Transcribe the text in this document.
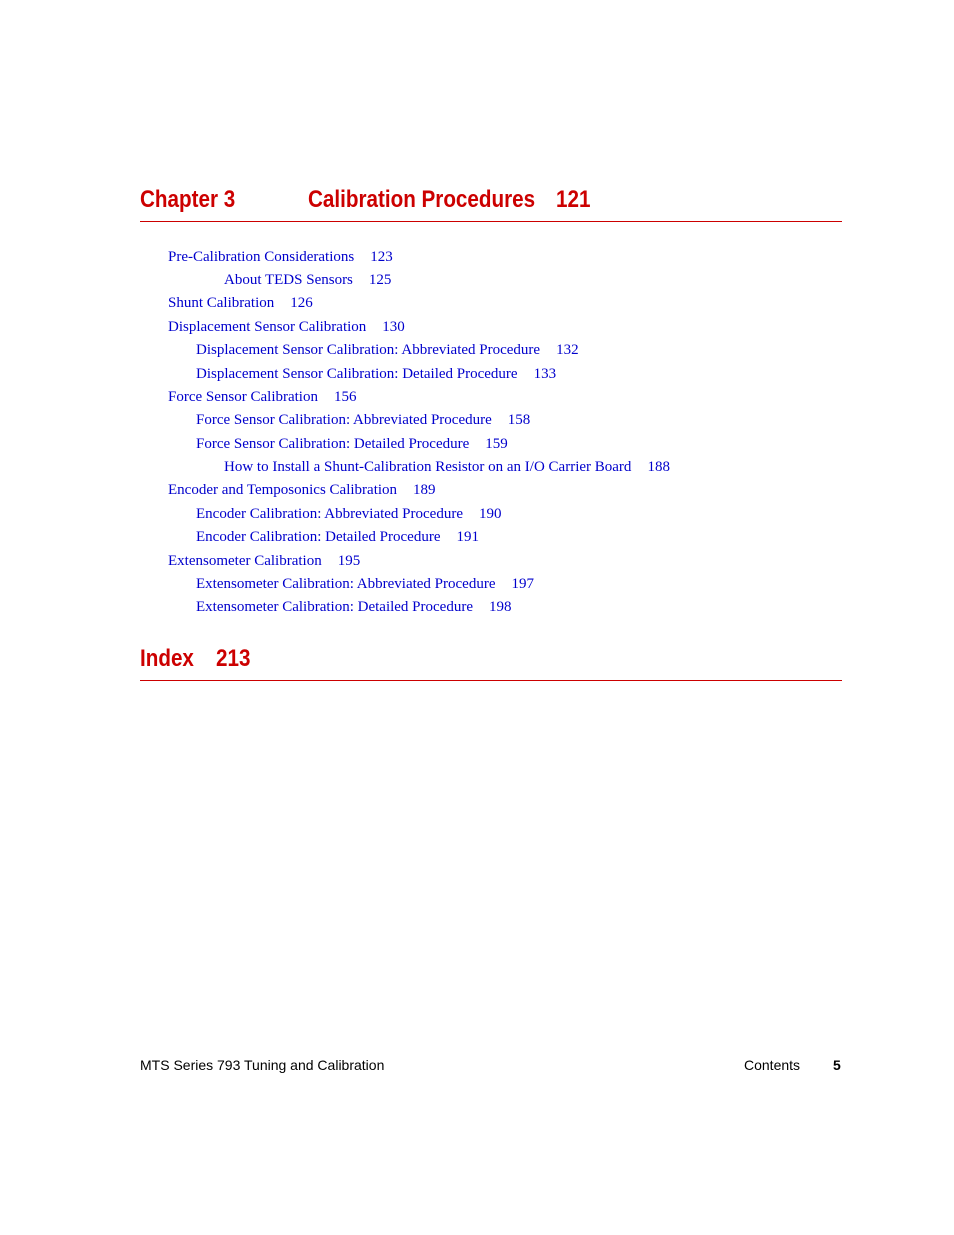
Chapter 3	Calibration Procedures 121
Pre-Calibration Considerations 123
About TEDS Sensors 125
Shunt Calibration 126
Displacement Sensor Calibration 130
Displacement Sensor Calibration: Abbreviated Procedure 132
Displacement Sensor Calibration: Detailed Procedure 133
Force Sensor Calibration 156
Force Sensor Calibration: Abbreviated Procedure 158
Force Sensor Calibration: Detailed Procedure 159
How to Install a Shunt-Calibration Resistor on an I/O Carrier Board 188
Encoder and Temposonics Calibration 189
Encoder Calibration: Abbreviated Procedure 190
Encoder Calibration: Detailed Procedure 191
Extensometer Calibration 195
Extensometer Calibration: Abbreviated Procedure 197
Extensometer Calibration: Detailed Procedure 198
Index 213
MTS Series 793 Tuning and Calibration	Contents 5
